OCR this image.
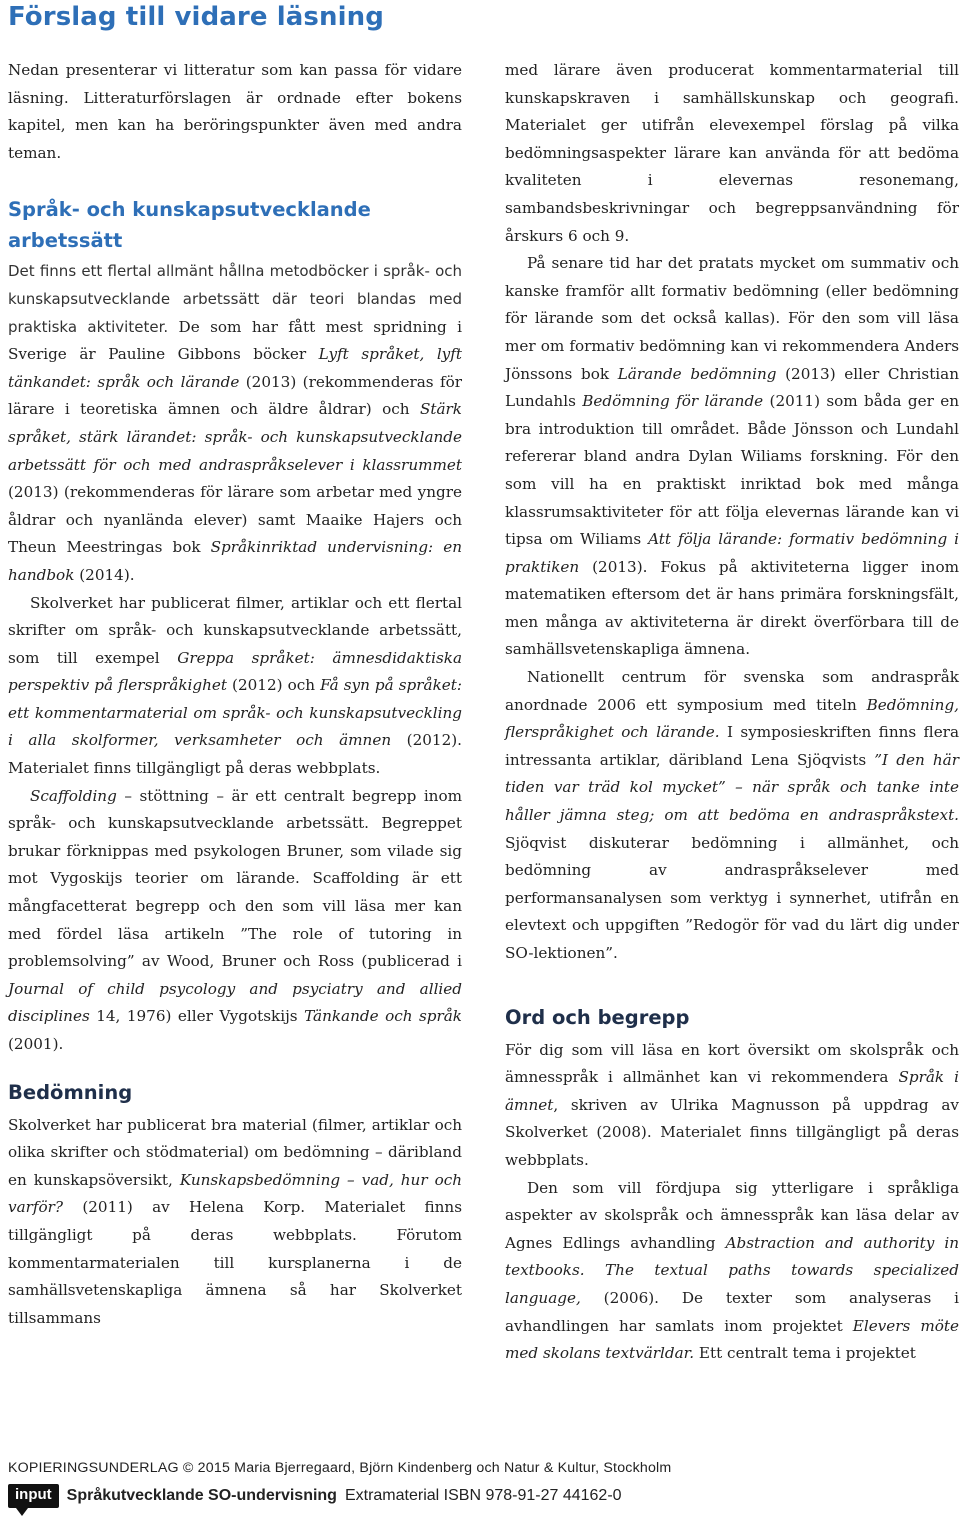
Förslag till vidare läsning

Nedan presenterar vi litteratur som kan passa för vidare läsning. Litteraturförslagen är ordnade efter bokens kapitel, men kan ha beröringspunkter även med andra teman.

Språk- och kunskapsutvecklande arbetssätt

Det finns ett flertal allmänt hållna metodböcker i språk- och kunskapsutvecklande arbetssätt där teori blandas med praktiska aktiviteter. De som har fått mest spridning i Sverige är Pauline Gibbons böcker Lyft språket, lyft tänkandet: språk och lärande (2013) (rekommenderas för lärare i teoretiska ämnen och äldre åldrar) och Stärk språket, stärk lärandet: språk- och kunskapsutvecklande arbetssätt för och med andraspråkselever i klassrummet (2013) (rekommenderas för lärare som arbetar med yngre åldrar och nyanlända elever) samt Maaike Hajers och Theun Meestringas bok Språkinriktad undervisning: en handbok (2014).

Skolverket har publicerat filmer, artiklar och ett flertal skrifter om språk- och kunskapsutvecklande arbetssätt, som till exempel Greppa språket: ämnesdidaktiska perspektiv på flerspråkighet (2012) och Få syn på språket: ett kommentarmaterial om språk- och kunskapsutveckling i alla skolformer, verksamheter och ämnen (2012). Materialet finns tillgängligt på deras webbplats.

Scaffolding – stöttning – är ett centralt begrepp inom språk- och kunskapsutvecklande arbetssätt. Begreppet brukar förknippas med psykologen Bruner, som vilade sig mot Vygoskijs teorier om lärande. Scaffolding är ett mångfacetterat begrepp och den som vill läsa mer kan med fördel läsa artikeln ”The role of tutoring in problemsolving” av Wood, Bruner och Ross (publicerad i Journal of child psycology and psyciatry and allied disciplines 14, 1976) eller Vygotskijs Tänkande och språk (2001).

Bedömning

Skolverket har publicerat bra material (filmer, artiklar och olika skrifter och stödmaterial) om bedömning – däribland en kunskapsöversikt, Kunskapsbedömning – vad, hur och varför? (2011) av Helena Korp. Materialet finns tillgängligt på deras webbplats. Förutom kommentarmaterialen till kursplanerna i de samhällsvetenskapliga ämnena så har Skolverket tillsammans

med lärare även producerat kommentarmaterial till kunskapskraven i samhällskunskap och geografi. Materialet ger utifrån elevexempel förslag på vilka bedömningsaspekter lärare kan använda för att bedöma kvaliteten i elevernas resonemang, sambandsbeskrivningar och begreppsanvändning för årskurs 6 och 9.

På senare tid har det pratats mycket om summativ och kanske framför allt formativ bedömning (eller bedömning för lärande som det också kallas). För den som vill läsa mer om formativ bedömning kan vi rekommendera Anders Jönssons bok Lärande bedömning (2013) eller Christian Lundahls Bedömning för lärande (2011) som båda ger en bra introduktion till området. Både Jönsson och Lundahl refererar bland andra Dylan Wiliams forskning. För den som vill ha en praktiskt inriktad bok med många klassrumsaktiviteter för att följa elevernas lärande kan vi tipsa om Wiliams Att följa lärande: formativ bedömning i praktiken (2013). Fokus på aktiviteterna ligger inom matematiken eftersom det är hans primära forskningsfält, men många av aktiviteterna är direkt överförbara till de samhällsvetenskapliga ämnena.

Nationellt centrum för svenska som andraspråk anordnade 2006 ett symposium med titeln Bedömning, flerspråkighet och lärande. I symposieskriften finns flera intressanta artiklar, däribland Lena Sjöqvists ”I den här tiden var träd kol mycket” – när språk och tanke inte håller jämna steg; om att bedöma en andraspråkstext. Sjöqvist diskuterar bedömning i allmänhet, och bedömning av andraspråkselever med performansanalysen som verktyg i synnerhet, utifrån en elevtext och uppgiften ”Redogör för vad du lärt dig under SO-lektionen”.

Ord och begrepp

För dig som vill läsa en kort översikt om skolspråk och ämnesspråk i allmänhet kan vi rekommendera Språk i ämnet, skriven av Ulrika Magnusson på uppdrag av Skolverket (2008). Materialet finns tillgängligt på deras webbplats.

Den som vill fördjupa sig ytterligare i språkliga aspekter av skolspråk och ämnesspråk kan läsa delar av Agnes Edlings avhandling Abstraction and authority in textbooks. The textual paths towards specialized language, (2006). De texter som analyseras i avhandlingen har samlats inom projektet Elevers möte med skolans textvärldar. Ett centralt tema i projektet

KOPIERINGSUNDERLAG © 2015 Maria Bjerregaard, Björn Kindenberg och Natur & Kultur, Stockholm
input Språkutvecklande SO-undervisning Extramaterial ISBN 978-91-27 44162-0
